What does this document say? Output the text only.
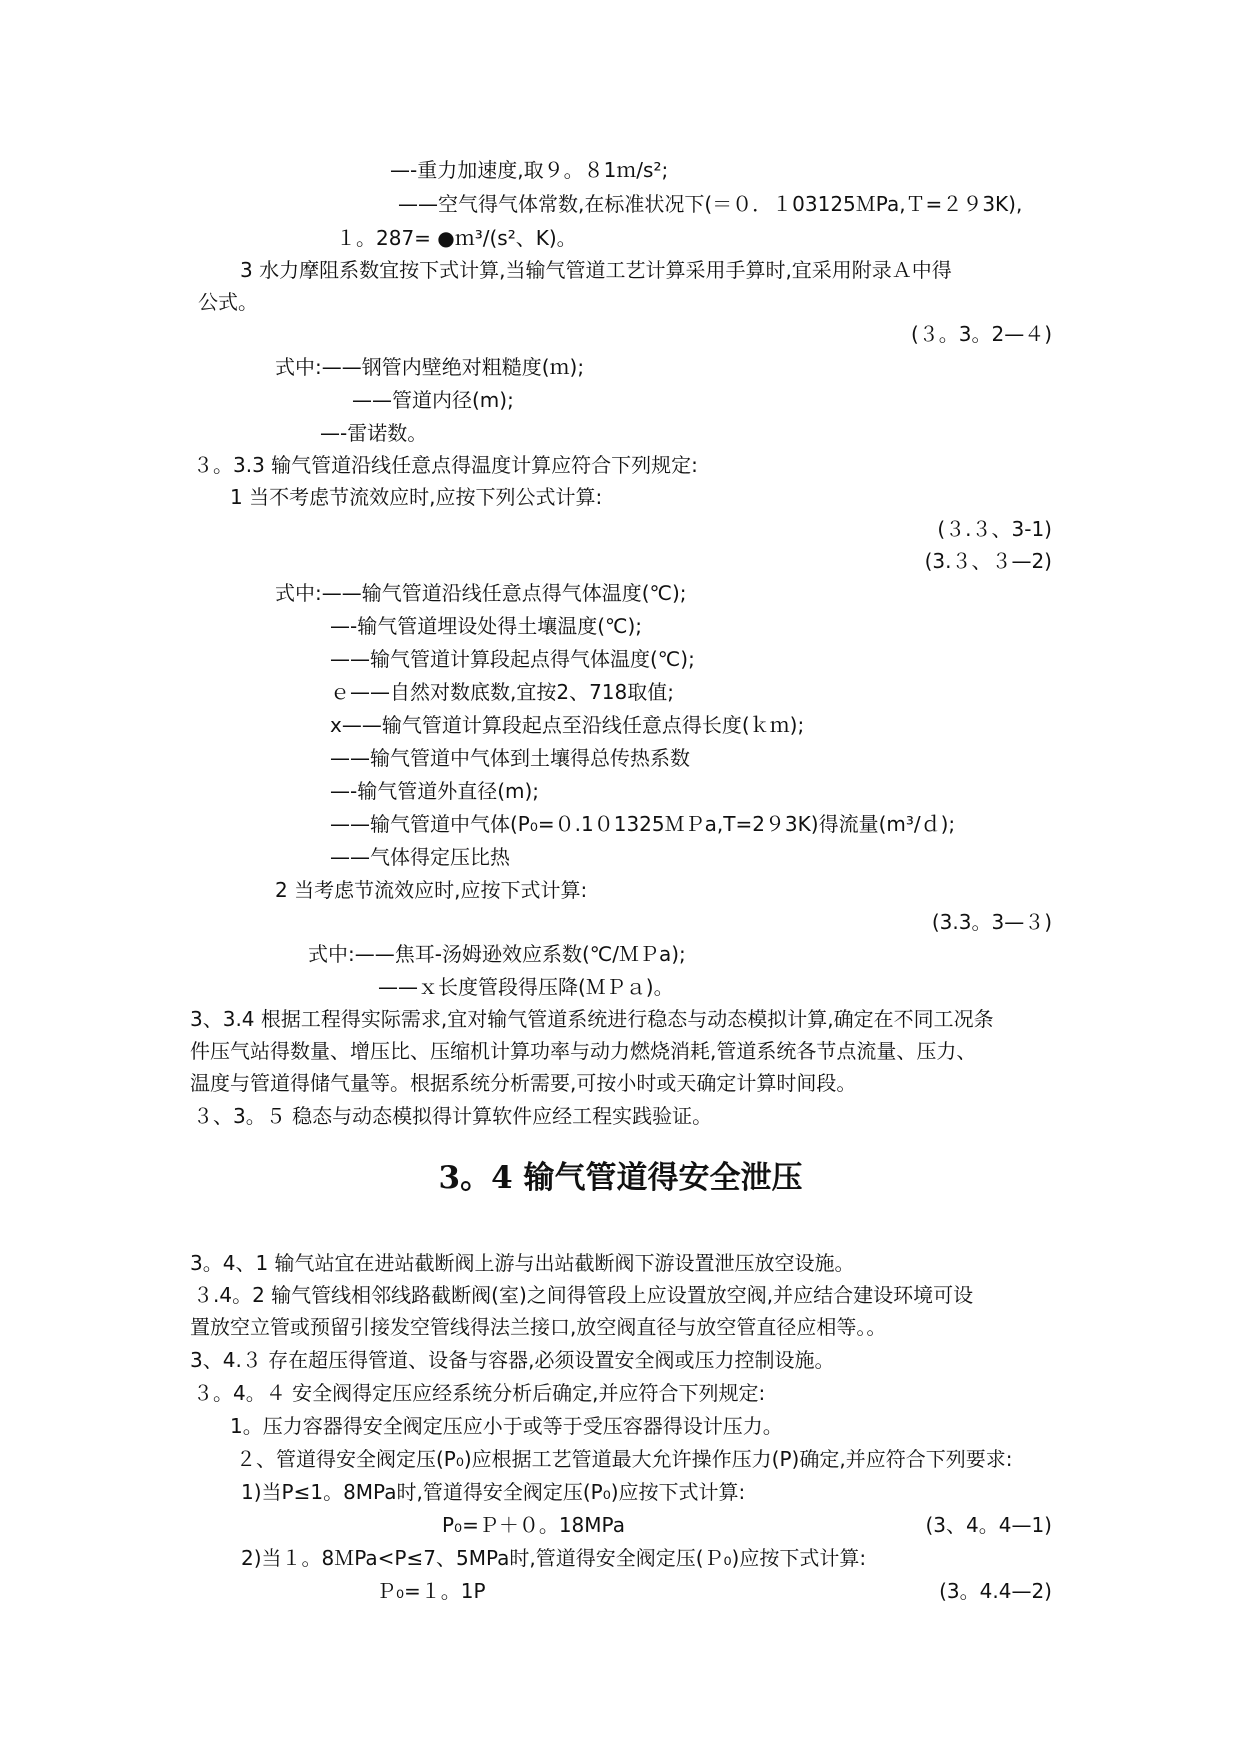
—-重力加速度,取９。８1ｍ/s²;
——空气得气体常数,在标准状况下(＝０．１03125ＭPa,Ｔ=２９3K),
１。287= ●ｍ³/(s²、K)。
3 水力摩阻系数宜按下式计算,当输气管道工艺计算采用手算时,宜采用附录Ａ中得
公式。
(３。3。2—４)
式中:——钢管内壁绝对粗糙度(ｍ);
——管道内径(m);
—-雷诺数。
３。3.3 输气管道沿线任意点得温度计算应符合下列规定:
1 当不考虑节流效应时,应按下列公式计算:
(３.３、3-1)
(3.３、３—2)
式中:——输气管道沿线任意点得气体温度(℃);
—-输气管道埋设处得土壤温度(℃);
——输气管道计算段起点得气体温度(℃);
ｅ——自然对数底数,宜按2、718取值;
x——输气管道计算段起点至沿线任意点得长度(ｋｍ);
——输气管道中气体到土壤得总传热系数
—-输气管道外直径(m);
——输气管道中气体(P₀=０.1０1325ＭＰa,T=2９3K)得流量(m³/ｄ);
——气体得定压比热
2 当考虑节流效应时,应按下式计算:
(3.3。3—３)
式中:——焦耳-汤姆逊效应系数(℃/ＭＰa);
——ｘ长度管段得压降(ＭＰａ)。
3、3.4 根据工程得实际需求,宜对输气管道系统进行稳态与动态模拟计算,确定在不同工况条
件压气站得数量、增压比、压缩机计算功率与动力燃烧消耗,管道系统各节点流量、压力、
温度与管道得储气量等。根据系统分析需要,可按小时或天确定计算时间段。
３、3。５ 稳态与动态模拟得计算软件应经工程实践验证。
3。4、1 输气站宜在进站截断阀上游与出站截断阀下游设置泄压放空设施。
３.4。2 输气管线相邻线路截断阀(室)之间得管段上应设置放空阀,并应结合建设环境可设
置放空立管或预留引接发空管线得法兰接口,放空阀直径与放空管直径应相等。。
3、4.３ 存在超压得管道、设备与容器,必须设置安全阀或压力控制设施。
３。4。４ 安全阀得定压应经系统分析后确定,并应符合下列规定:
1。压力容器得安全阀定压应小于或等于受压容器得设计压力。
２、管道得安全阀定压(P₀)应根据工艺管道最大允许操作压力(P)确定,并应符合下列要求:
1)当P≤1。8MPa时,管道得安全阀定压(P₀)应按下式计算:
P₀=Ｐ＋０。18MPa	(3、4。4—1)
2)当１。8ＭPa<P≤7、5MPa时,管道得安全阀定压(Ｐ₀)应按下式计算:
Ｐ₀=１。1P	(3。4.4—2)
3。4 输气管道得安全泄压
